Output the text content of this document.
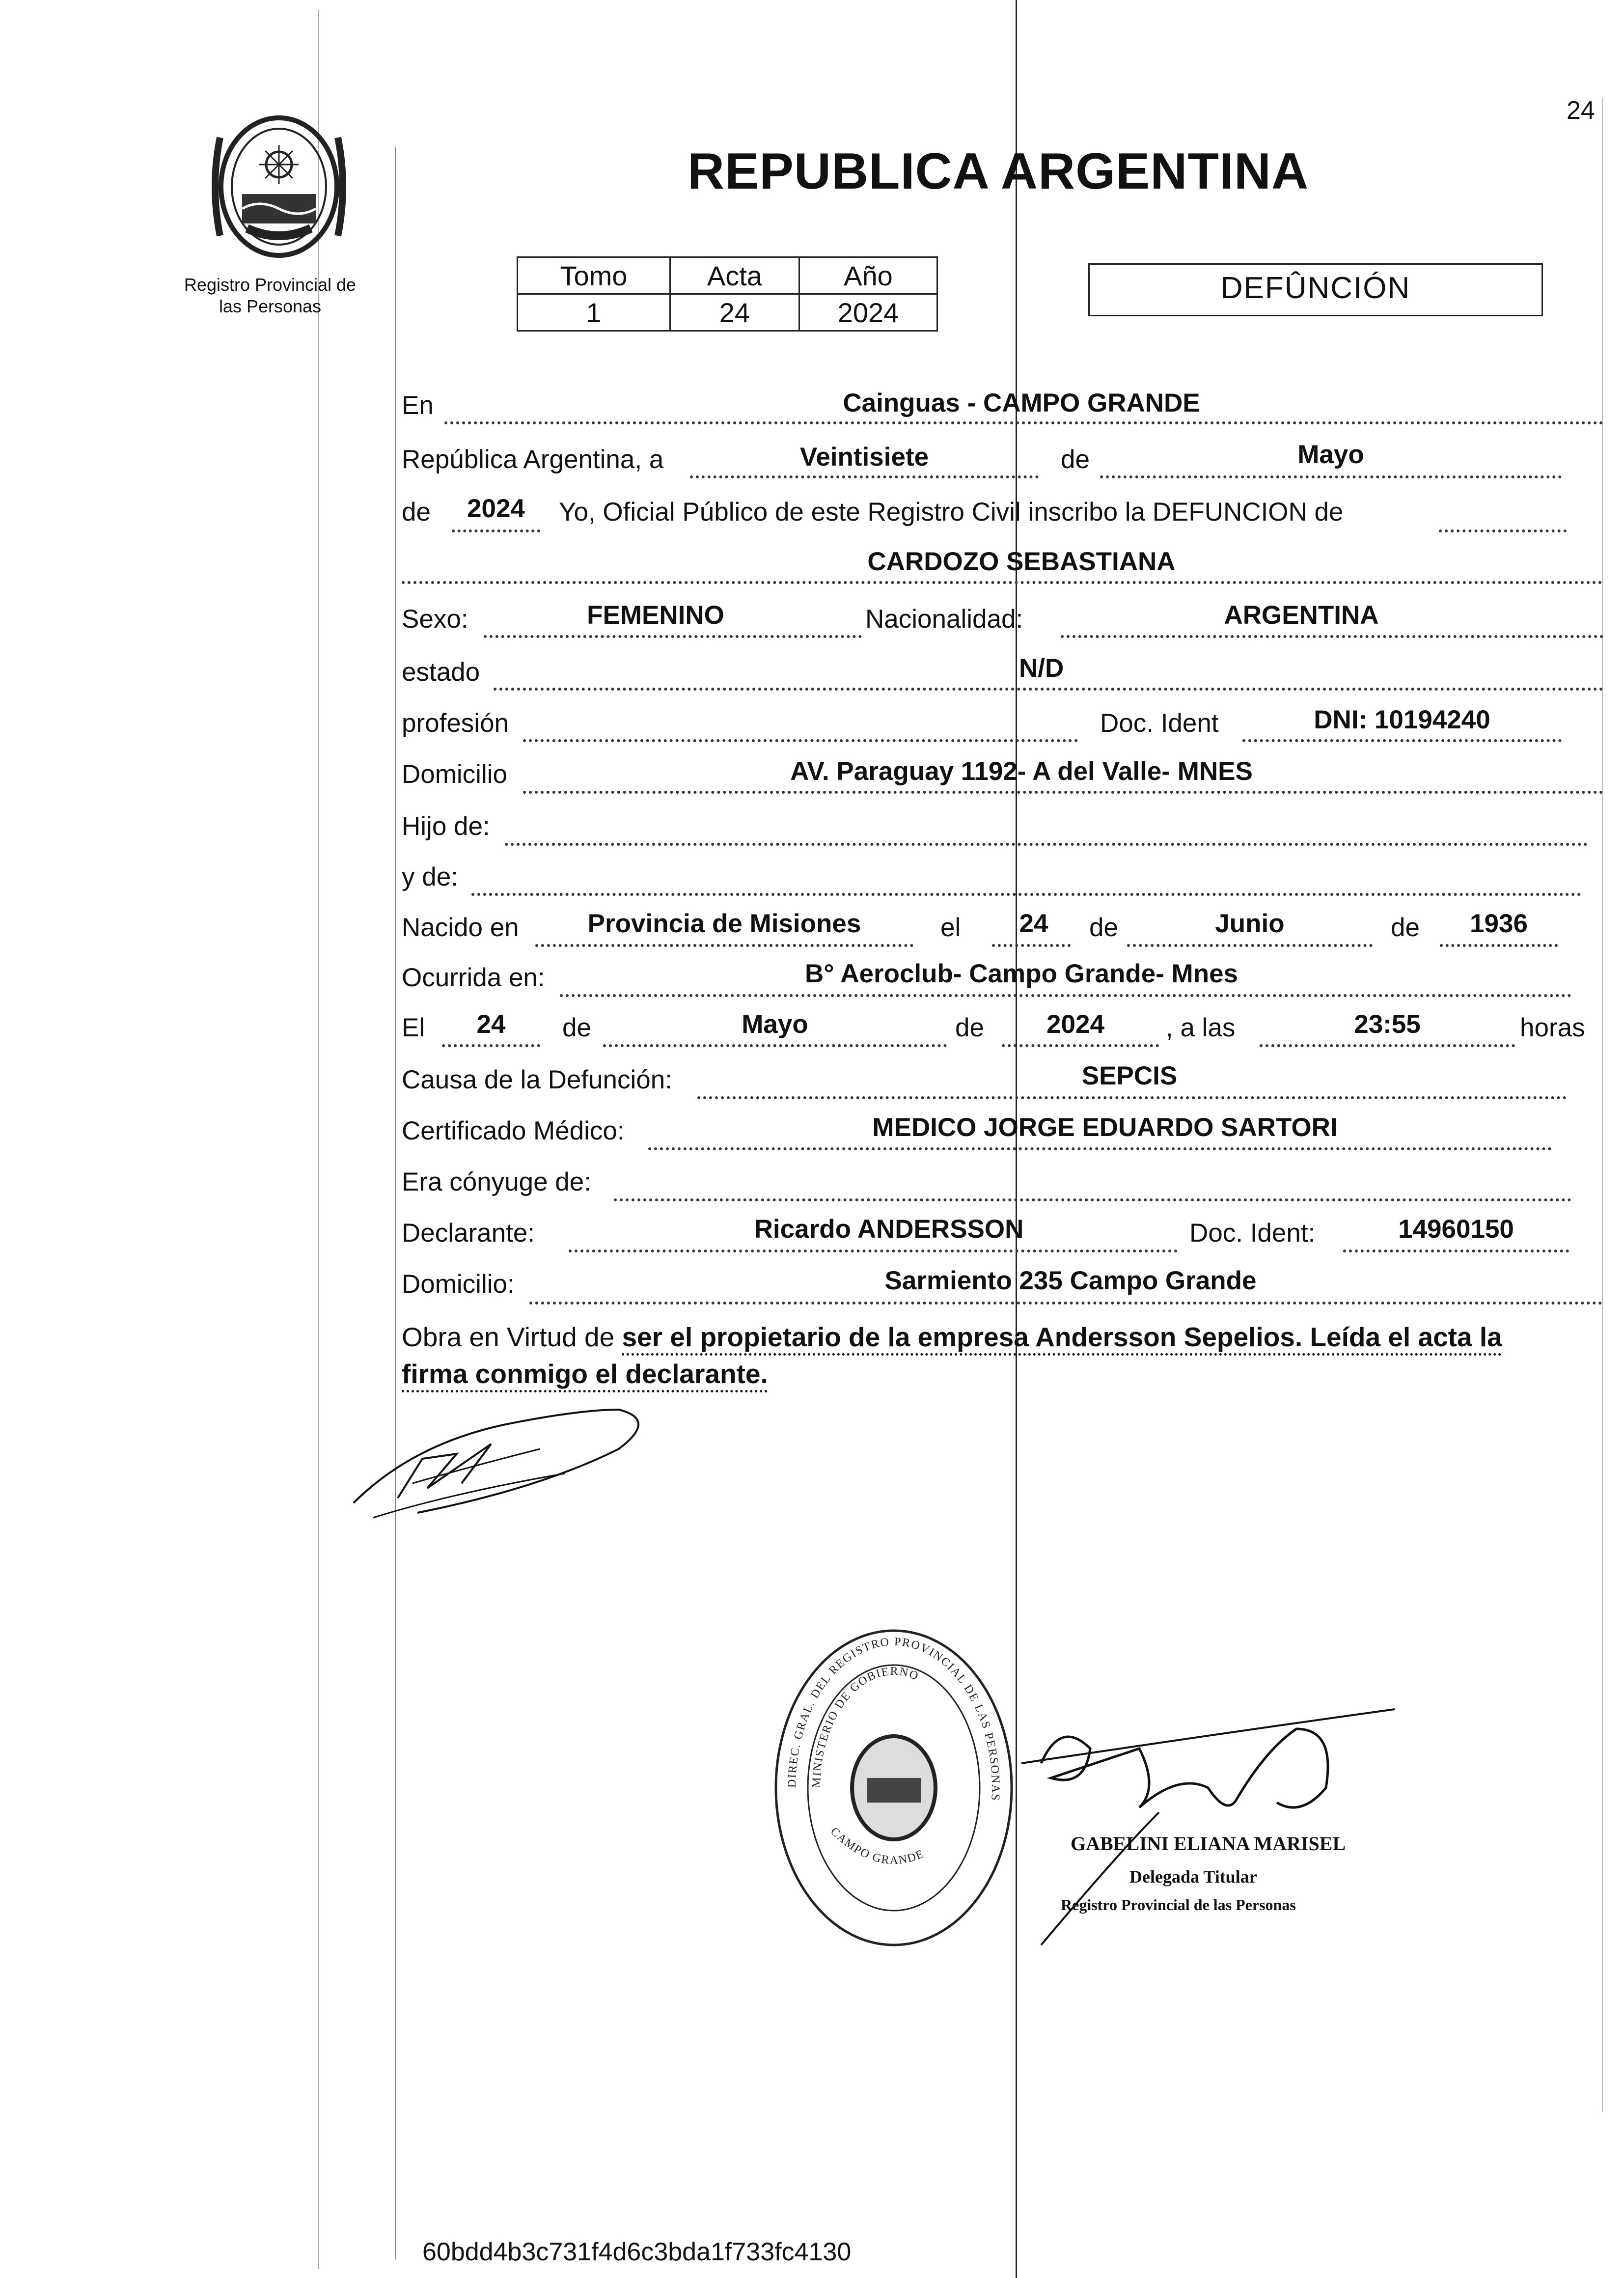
24
Registro Provincial de
las Personas
REPUBLICA ARGENTINA
Tomo	Acta	Año
1	24	2024
DEFÛNCIÓN
En	Cainguas - CAMPO GRANDE
República Argentina, a	Veintisiete	de	Mayo
de	2024	Yo, Oficial Público de este Registro Civil inscribo la DEFUNCION de
CARDOZO SEBASTIANA
Sexo:	FEMENINO	Nacionalidad:	ARGENTINA
estado	N/D
profesión	Doc. Ident	DNI: 10194240
Domicilio	AV. Paraguay 1192- A del Valle- MNES
Hijo de:
y de:
Nacido en	Provincia de Misiones	el	24	de	Junio	de	1936
Ocurrida en:	B° Aeroclub- Campo Grande- Mnes
El	24	de	Mayo	de	2024	, a las	23:55	horas
Causa de la Defunción:	SEPCIS
Certificado Médico:	MEDICO JORGE EDUARDO SARTORI
Era cónyuge de:
Declarante:	Ricardo ANDERSSON	Doc. Ident:	14960150
Domicilio:	Sarmiento 235 Campo Grande
Obra en Virtud de ser el propietario de la empresa Andersson Sepelios. Leída el acta la
firma conmigo el declarante.
DIREC. GRAL. DEL REGISTRO PROVINCIAL DE LAS PERSONAS
MINISTERIO DE GOBIERNO
CAMPO GRANDE
GABELINI ELIANA MARISEL
Delegada Titular
Registro Provincial de las Personas
60bdd4b3c731f4d6c3bda1f733fc4130
